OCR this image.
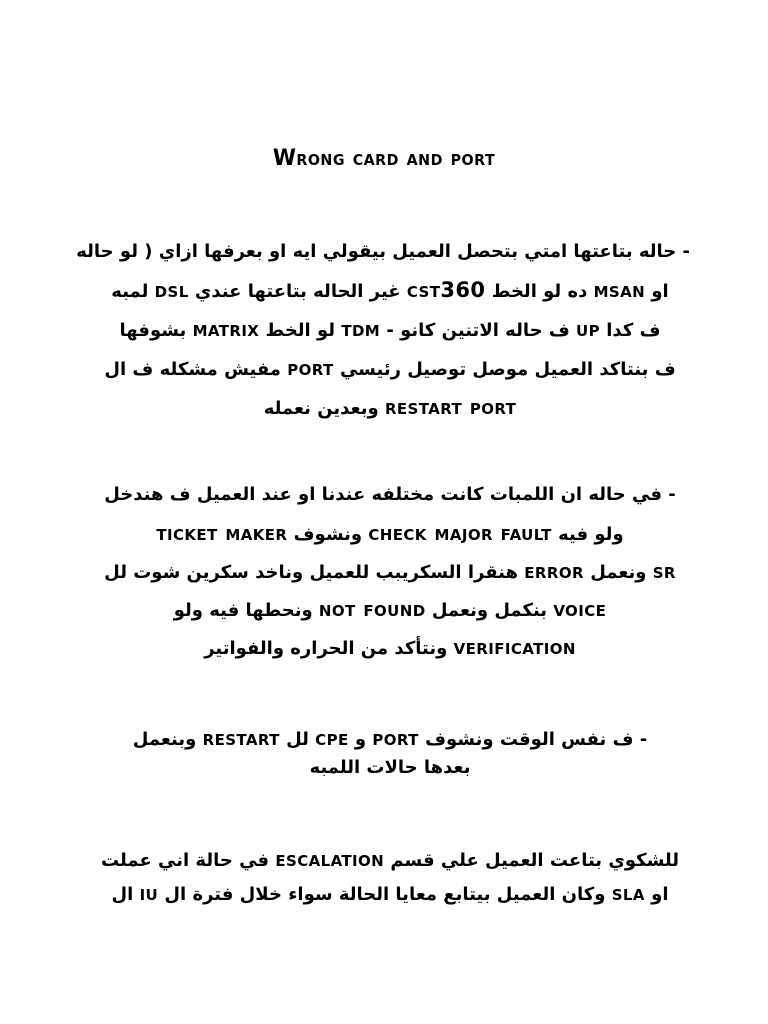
Wrong card and port
- حاله بتاعتها امتي بتحصل العميل بيقولي ايه او بعرفها ازاي ( لو حاله
او msan ده لو الخط cst360 غير الحاله بتاعتها عندي dsl لمبه
ف كدا up ف حاله الاتنين كانو - tdm لو الخط matrix بشوفها
ف بنتاكد العميل موصل توصيل رئيسي port مفيش مشكله ف ال
restart port وبعدين نعمله
- في حاله ان اللمبات كانت مختلفه عندنا او عند العميل ف هندخل
ولو فيه check major fault ونشوف ticket maker
sr ونعمل error هنقرا السكريبب للعميل وناخد سكرين شوت لل
voice بنكمل ونعمل not found ونحطها فيه ولو
verification ونتأكد من الحراره والفواتير
- ف نفس الوقت ونشوف port و cpe لل restart وبنعمل
بعدها حالات اللمبه
للشكوي بتاعت العميل علي قسم escalation في حالة اني عملت
او sla وكان العميل بيتابع معايا الحالة سواء خلال فترة ال iu ال
